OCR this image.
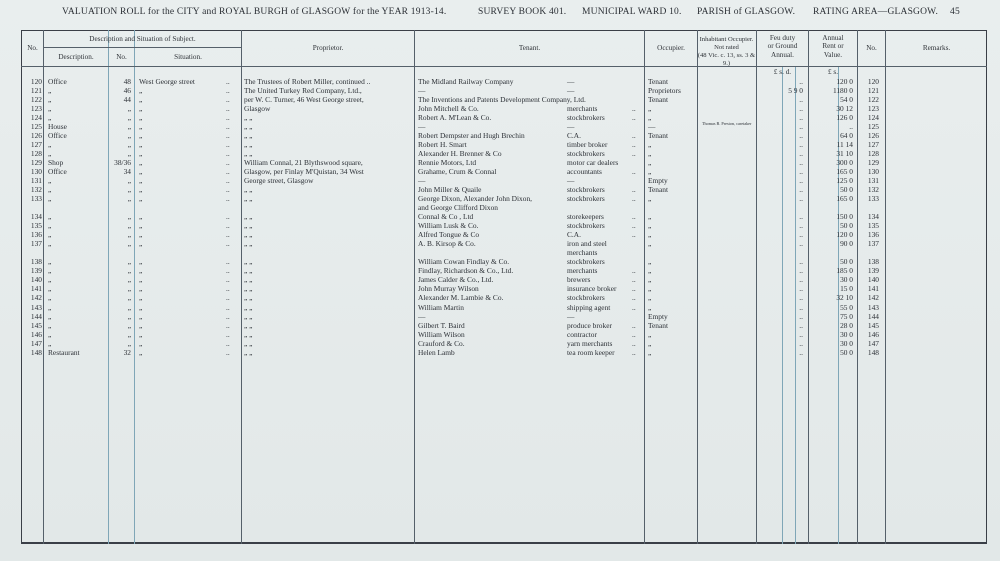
VALUATION ROLL for the CITY and ROYAL BURGH of GLASGOW for the YEAR 1913-14.	SURVEY BOOK 401. MUNICIPAL WARD 10. PARISH of GLASGOW. RATING AREA—GLASGOW. 45
No.
Description and Situation of Subject.
Description.	No.	Situation.
Proprietor.	Tenant.	Occupier.
Inhabitant Occupier.
Not rated
(48 Vic. c. 13, ss. 3 & 9.)
Feu duty
or Ground
Annual.
Annual
Rent or
Value.
No.	Remarks.
£ s. d.	£ s.
120 Office	48 West George street	..	The Trustees of Robert Miller, continued ..	The Midland Railway Company	—	Tenant	..	120 0	120
121 „	46 „	..	The United Turkey Red Company, Ltd.,	—	—	Proprietors	5 9 0	1180 0	121
122 „	44 „	..	per W. C. Turner, 46 West George street,	The Inventions and Patents Development Company, Ltd.	Tenant	..	54 0	122
123 „	„ „	..	Glasgow	John Mitchell & Co.	merchants	..	„	..	30 12	123
124 „	„ „	..	„ „	Robert A. M'Lean & Co.	stockbrokers	..	„	..	126 0	124
125 House	„ „	..	„ „	—	—	—	Thomas B. Preston, caretaker	..	..	125
126 Office	„ „	..	„ „	Robert Dempster and Hugh Brechin	C.A.	..	Tenant	..	64 0	126
127 „	„ „	..	„ „	Robert H. Smart	timber broker	..	„	..	11 14	127
128 „	„ „	..	„ „	Alexander H. Brenner & Co	stockbrokers	..	„	..	31 10	128
129 Shop	38/36 „	..	William Connal, 21 Blythswood square,	Rennie Motors, Ltd	motor car dealers	„	..	300 0	129
130 Office	34 „	..	Glasgow, per Finlay M'Quistan, 34 West	Grahame, Crum & Connal	accountants	..	„	..	165 0	130
131 „	„ „	..	George street, Glasgow	—	—	Empty	..	125 0	131
132 „	„ „	..	„ „	John Miller & Quaile	stockbrokers	..	Tenant	..	50 0	132
133 „	„ „	..	„ „	George Dixon, Alexander John Dixon,	stockbrokers	..	„	..	165 0	133
and George Clifford Dixon
134 „	„ „	..	„ „	Connal & Co , Ltd	storekeepers	..	„	..	150 0	134
135 „	„ „	..	„ „	William Lusk & Co.	stockbrokers	..	„	..	50 0	135
136 „	„ „	..	„ „	Alfred Tongue & Co	C.A.	..	„	..	120 0	136
137 „	„ „	..	„ „	A. B. Kirsop & Co.	iron and steel	„	..	90 0	137
merchants
138 „	„ „	..	„ „	William Cowan Findlay & Co.	stockbrokers	„	..	50 0	138
139 „	„ „	..	„ „	Findlay, Richardson & Co., Ltd.	merchants	..	„	..	185 0	139
140 „	„ „	..	„ „	James Calder & Co., Ltd.	brewers	..	„	..	30 0	140
141 „	„ „	..	„ „	John Murray Wilson	insurance broker	..	„	..	15 0	141
142 „	„ „	..	„ „	Alexander M. Lambie & Co.	stockbrokers	..	„	..	32 10	142
143 „	„ „	..	„ „	William Martin	shipping agent	..	„	..	55 0	143
144 „	„ „	..	„ „	—	—	Empty	..	75 0	144
145 „	„ „	..	„ „	Gilbert T. Baird	produce broker	..	Tenant	..	28 0	145
146 „	„ „	..	„ „	William Wilson	contractor	..	„	..	30 0	146
147 „	„ „	..	„ „	Crauford & Co.	yarn merchants	..	„	..	30 0	147
148 Restaurant	32 „	..	„ „	Helen Lamb	tea room keeper	..	„	..	50 0	148
